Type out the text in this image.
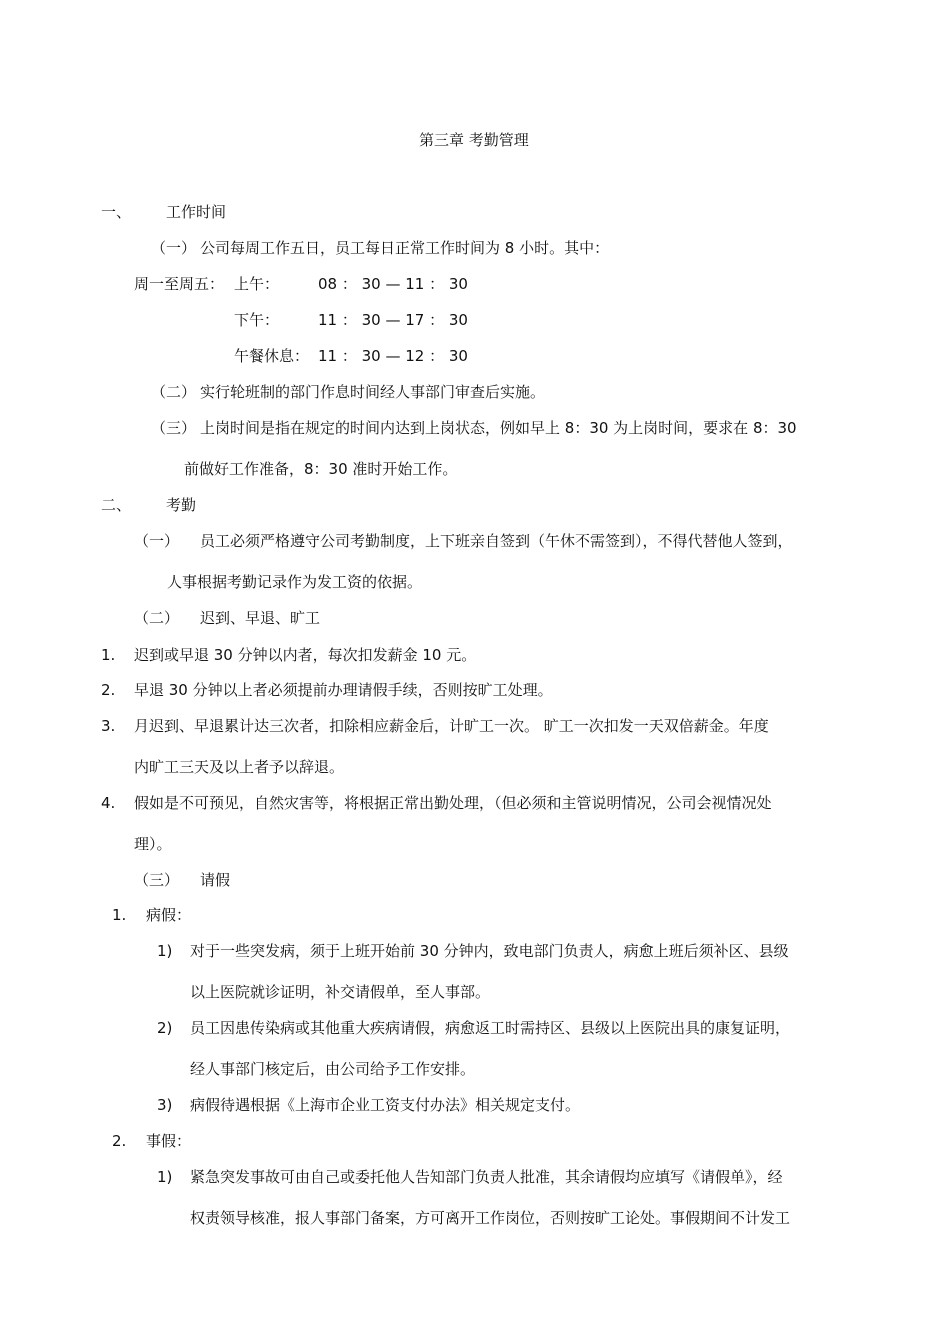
第三章 考勤管理
一、 工作时间
（一） 公司每周工作五日，员工每日正常工作时间为 8 小时。其中：
周一至周五： 上午：	08 ： 30 — 11 ： 30
下午：	11 ： 30 — 17 ： 30
午餐休息： 11 ： 30 — 12 ： 30
（二） 实行轮班制的部门作息时间经人事部门审查后实施。
（三） 上岗时间是指在规定的时间内达到上岗状态，例如早上 8：30 为上岗时间，要求在 8：30
前做好工作准备，8：30 准时开始工作。
二、 考勤
（一） 员工必须严格遵守公司考勤制度，上下班亲自签到（午休不需签到），不得代替他人签到，
人事根据考勤记录作为发工资的依据。
（二） 迟到、早退、旷工
1. 迟到或早退 30 分钟以内者，每次扣发薪金 10 元。
2. 早退 30 分钟以上者必须提前办理请假手续，否则按旷工处理。
3. 月迟到、早退累计达三次者，扣除相应薪金后，计旷工一次。 旷工一次扣发一天双倍薪金。年度
内旷工三天及以上者予以辞退。
4. 假如是不可预见，自然灾害等，将根据正常出勤处理，（但必须和主管说明情况，公司会视情况处
理）。
（三） 请假
1. 病假：
1) 对于一些突发病，须于上班开始前 30 分钟内，致电部门负责人，病愈上班后须补区、县级
以上医院就诊证明，补交请假单，至人事部。
2) 员工因患传染病或其他重大疾病请假，病愈返工时需持区、县级以上医院出具的康复证明，
经人事部门核定后，由公司给予工作安排。
3) 病假待遇根据《上海市企业工资支付办法》相关规定支付。
2. 事假：
1) 紧急突发事故可由自己或委托他人告知部门负责人批准，其余请假均应填写《请假单》，经
权责领导核准，报人事部门备案，方可离开工作岗位，否则按旷工论处。事假期间不计发工
